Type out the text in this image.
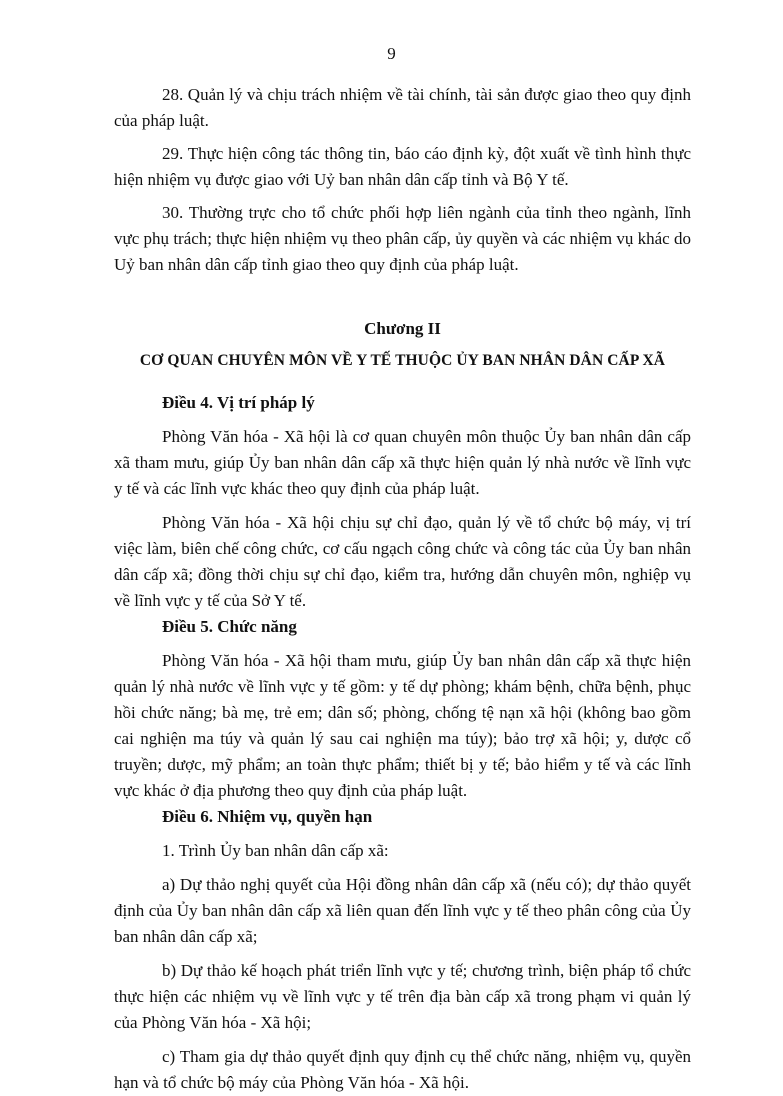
9

28. Quản lý và chịu trách nhiệm về tài chính, tài sản được giao theo quy định của pháp luật.

29. Thực hiện công tác thông tin, báo cáo định kỳ, đột xuất về tình hình thực hiện nhiệm vụ được giao với Uỷ ban nhân dân cấp tỉnh và Bộ Y tế.

30. Thường trực cho tổ chức phối hợp liên ngành của tỉnh theo ngành, lĩnh vực phụ trách; thực hiện nhiệm vụ theo phân cấp, ủy quyền và các nhiệm vụ khác do Uỷ ban nhân dân cấp tỉnh giao theo quy định của pháp luật.

Chương II

CƠ QUAN CHUYÊN MÔN VỀ Y TẾ THUỘC ỦY BAN NHÂN DÂN CẤP XÃ

Điều 4. Vị trí pháp lý

Phòng Văn hóa - Xã hội là cơ quan chuyên môn thuộc Ủy ban nhân dân cấp xã tham mưu, giúp Ủy ban nhân dân cấp xã thực hiện quản lý nhà nước về lĩnh vực y tế và các lĩnh vực khác theo quy định của pháp luật.

Phòng Văn hóa - Xã hội chịu sự chỉ đạo, quản lý về tổ chức bộ máy, vị trí việc làm, biên chế công chức, cơ cấu ngạch công chức và công tác của Ủy ban nhân dân cấp xã; đồng thời chịu sự chỉ đạo, kiểm tra, hướng dẫn chuyên môn, nghiệp vụ về lĩnh vực y tế của Sở Y tế.

Điều 5. Chức năng

Phòng Văn hóa - Xã hội tham mưu, giúp Ủy ban nhân dân cấp xã thực hiện quản lý nhà nước về lĩnh vực y tế gồm: y tế dự phòng; khám bệnh, chữa bệnh, phục hồi chức năng; bà mẹ, trẻ em; dân số; phòng, chống tệ nạn xã hội (không bao gồm cai nghiện ma túy và quản lý sau cai nghiện ma túy); bảo trợ xã hội; y, dược cổ truyền; dược, mỹ phẩm; an toàn thực phẩm; thiết bị y tế; bảo hiểm y tế và các lĩnh vực khác ở địa phương theo quy định của pháp luật.

Điều 6. Nhiệm vụ, quyền hạn

1. Trình Ủy ban nhân dân cấp xã:

a) Dự thảo nghị quyết của Hội đồng nhân dân cấp xã (nếu có); dự thảo quyết định của Ủy ban nhân dân cấp xã liên quan đến lĩnh vực y tế theo phân công của Ủy ban nhân dân cấp xã;

b) Dự thảo kế hoạch phát triển lĩnh vực y tế; chương trình, biện pháp tổ chức thực hiện các nhiệm vụ về lĩnh vực y tế trên địa bàn cấp xã trong phạm vi quản lý của Phòng Văn hóa - Xã hội;

c) Tham gia dự thảo quyết định quy định cụ thể chức năng, nhiệm vụ, quyền hạn và tổ chức bộ máy của Phòng Văn hóa - Xã hội.
